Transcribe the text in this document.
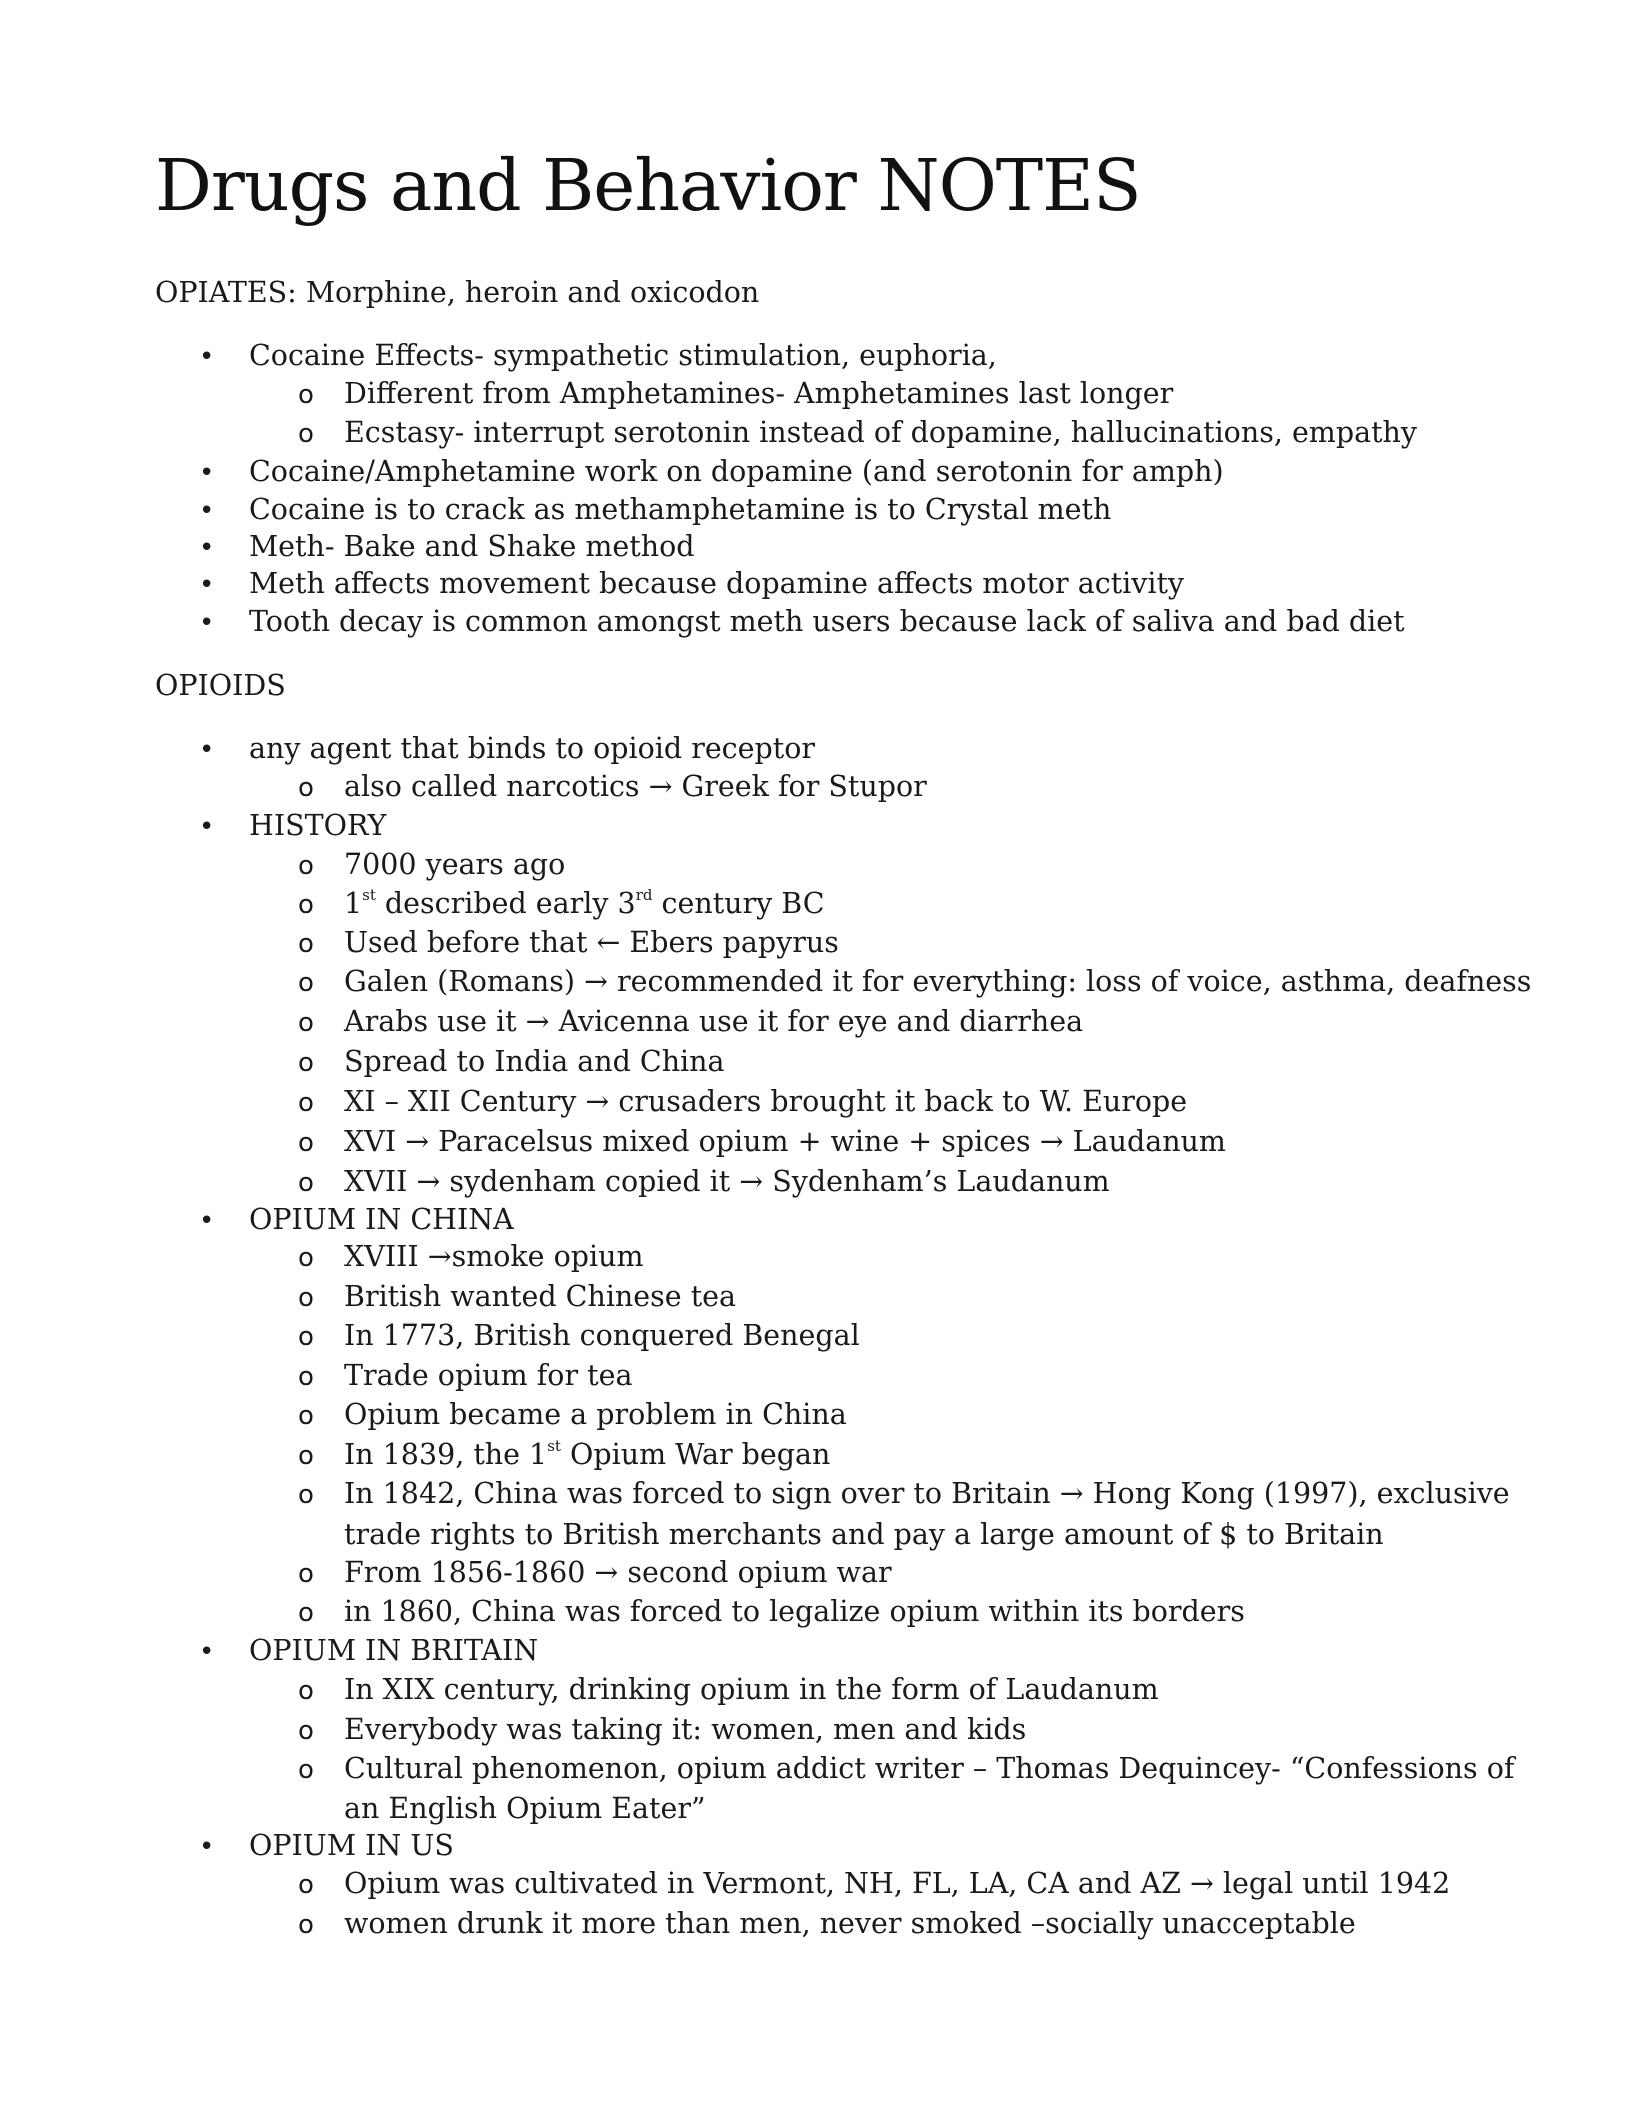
Drugs and Behavior NOTES
OPIATES: Morphine, heroin and oxicodon
• Cocaine Effects- sympathetic stimulation, euphoria,
o Different from Amphetamines- Amphetamines last longer
o Ecstasy- interrupt serotonin instead of dopamine, hallucinations, empathy
• Cocaine/Amphetamine work on dopamine (and serotonin for amph)
• Cocaine is to crack as methamphetamine is to Crystal meth
• Meth- Bake and Shake method
• Meth affects movement because dopamine affects motor activity
• Tooth decay is common amongst meth users because lack of saliva and bad diet
OPIOIDS
• any agent that binds to opioid receptor
o also called narcotics → Greek for Stupor
• HISTORY
o 7000 years ago
o 1st described early 3rd century BC
o Used before that ← Ebers papyrus
o Galen (Romans) → recommended it for everything: loss of voice, asthma, deafness
o Arabs use it → Avicenna use it for eye and diarrhea
o Spread to India and China
o XI – XII Century → crusaders brought it back to W. Europe
o XVI → Paracelsus mixed opium + wine + spices → Laudanum
o XVII → sydenham copied it → Sydenham’s Laudanum
• OPIUM IN CHINA
o XVIII →smoke opium
o British wanted Chinese tea
o In 1773, British conquered Benegal
o Trade opium for tea
o Opium became a problem in China
o In 1839, the 1st Opium War began
o In 1842, China was forced to sign over to Britain → Hong Kong (1997), exclusive
trade rights to British merchants and pay a large amount of $ to Britain
o From 1856-1860 → second opium war
o in 1860, China was forced to legalize opium within its borders
• OPIUM IN BRITAIN
o In XIX century, drinking opium in the form of Laudanum
o Everybody was taking it: women, men and kids
o Cultural phenomenon, opium addict writer – Thomas Dequincey- “Confessions of
an English Opium Eater”
• OPIUM IN US
o Opium was cultivated in Vermont, NH, FL, LA, CA and AZ → legal until 1942
o women drunk it more than men, never smoked –socially unacceptable
